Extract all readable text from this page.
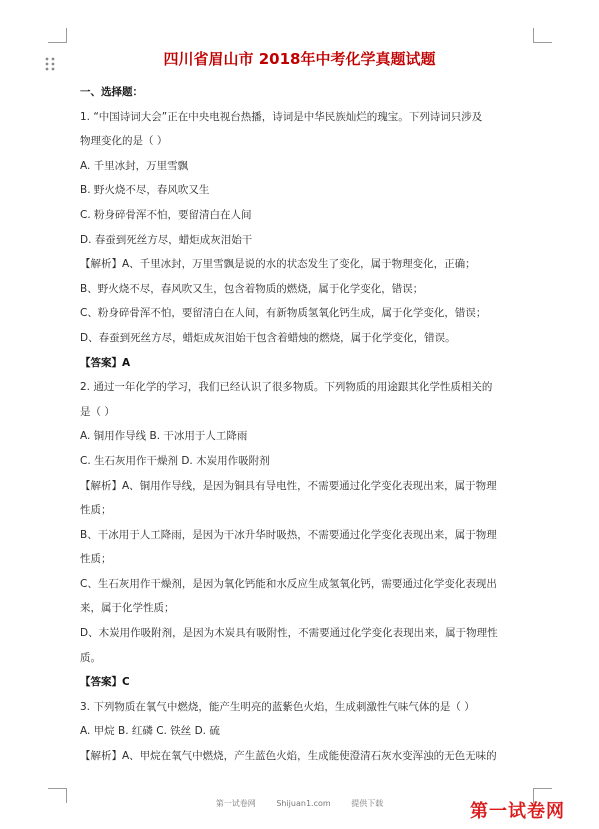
四川省眉山市 2018年中考化学真题试题
一、选择题：
1. “中国诗词大会”正在中央电视台热播，诗词是中华民族灿烂的瑰宝。下列诗词只涉及
物理变化的是（ ）
A. 千里冰封，万里雪飘
B. 野火烧不尽，春风吹又生
C. 粉身碎骨浑不怕，要留清白在人间
D. 春蚕到死丝方尽，蜡炬成灰泪始干
【解析】A、千里冰封，万里雪飘是说的水的状态发生了变化，属于物理变化，正确；
B、野火烧不尽，春风吹又生，包含着物质的燃烧，属于化学变化，错误；
C、粉身碎骨浑不怕，要留清白在人间，有新物质氢氧化钙生成，属于化学变化，错误；
D、春蚕到死丝方尽，蜡炬成灰泪始干包含着蜡烛的燃烧，属于化学变化，错误。
【答案】A
2. 通过一年化学的学习，我们已经认识了很多物质。下列物质的用途跟其化学性质相关的
是（ ）
A. 铜用作导线 B. 干冰用于人工降雨
C. 生石灰用作干燥剂 D. 木炭用作吸附剂
【解析】A、铜用作导线，是因为铜具有导电性，不需要通过化学变化表现出来，属于物理
性质；
B、干冰用于人工降雨，是因为干冰升华时吸热，不需要通过化学变化表现出来，属于物理
性质；
C、生石灰用作干燥剂，是因为氧化钙能和水反应生成氢氧化钙，需要通过化学变化表现出
来，属于化学性质；
D、木炭用作吸附剂，是因为木炭具有吸附性，不需要通过化学变化表现出来，属于物理性
质。
【答案】C
3. 下列物质在氧气中燃烧，能产生明亮的蓝紫色火焰，生成刺激性气味气体的是（ ）
A. 甲烷 B. 红磷 C. 铁丝 D. 硫
【解析】A、甲烷在氧气中燃烧，产生蓝色火焰，生成能使澄清石灰水变浑浊的无色无味的
第一试卷网	Shijuan1.com	提供下载	第一试卷网
